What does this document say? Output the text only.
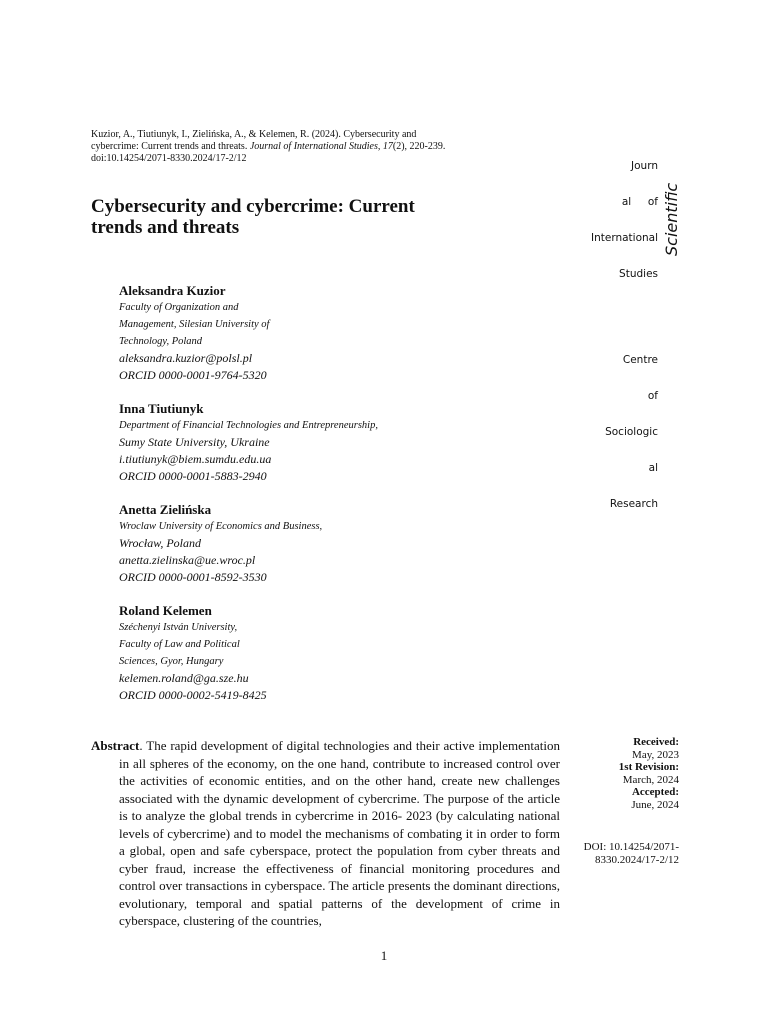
Kuzior, A., Tiutiunyk, I., Zielińska, A., & Kelemen, R. (2024). Cybersecurity and cybercrime: Current trends and threats. Journal of International Studies, 17(2), 220-239. doi:10.14254/2071-8330.2024/17-2/12

Journ

al     of

International

Studies

Centre

of

Sociologic

al

Research

Scientific
Cybersecurity and cybercrime: Current trends and threats
Aleksandra Kuzior
Faculty of Organization and
Management, Silesian University of
Technology, Poland
aleksandra.kuzior@polsl.pl
ORCID 0000-0001-9764-5320
Inna Tiutiunyk
Department of Financial Technologies and Entrepreneurship,
Sumy State University, Ukraine
i.tiutiunyk@biem.sumdu.edu.ua
ORCID 0000-0001-5883-2940
Anetta Zielińska
Wroclaw University of Economics and Business,
Wrocław, Poland
anetta.zielinska@ue.wroc.pl
ORCID 0000-0001-8592-3530
Roland Kelemen
Széchenyi István University,
Faculty of Law and Political
Sciences, Gyor, Hungary
kelemen.roland@ga.sze.hu
ORCID 0000-0002-5419-8425

Abstract. The rapid development of digital technologies and their active implementation in all spheres of the economy, on the one hand, contribute to increased control over the activities of economic entities, and on the other hand, create new challenges associated with the dynamic development of cybercrime. The purpose of the article is to analyze the global trends in cybercrime in 2016- 2023 (by calculating national levels of cybercrime) and to model the mechanisms of combating it in order to form a global, open and safe cyberspace, protect the population from cyber threats and cyber fraud, increase the effectiveness of financial monitoring procedures and control over transactions in cyberspace. The article presents the dominant directions, evolutionary, temporal and spatial patterns of the development of crime in cyberspace, clustering of the countries,

Received:
May, 2023
1st Revision:
March, 2024
Accepted:
June, 2024
DOI: 10.14254/2071-8330.2024/17-2/12
1
